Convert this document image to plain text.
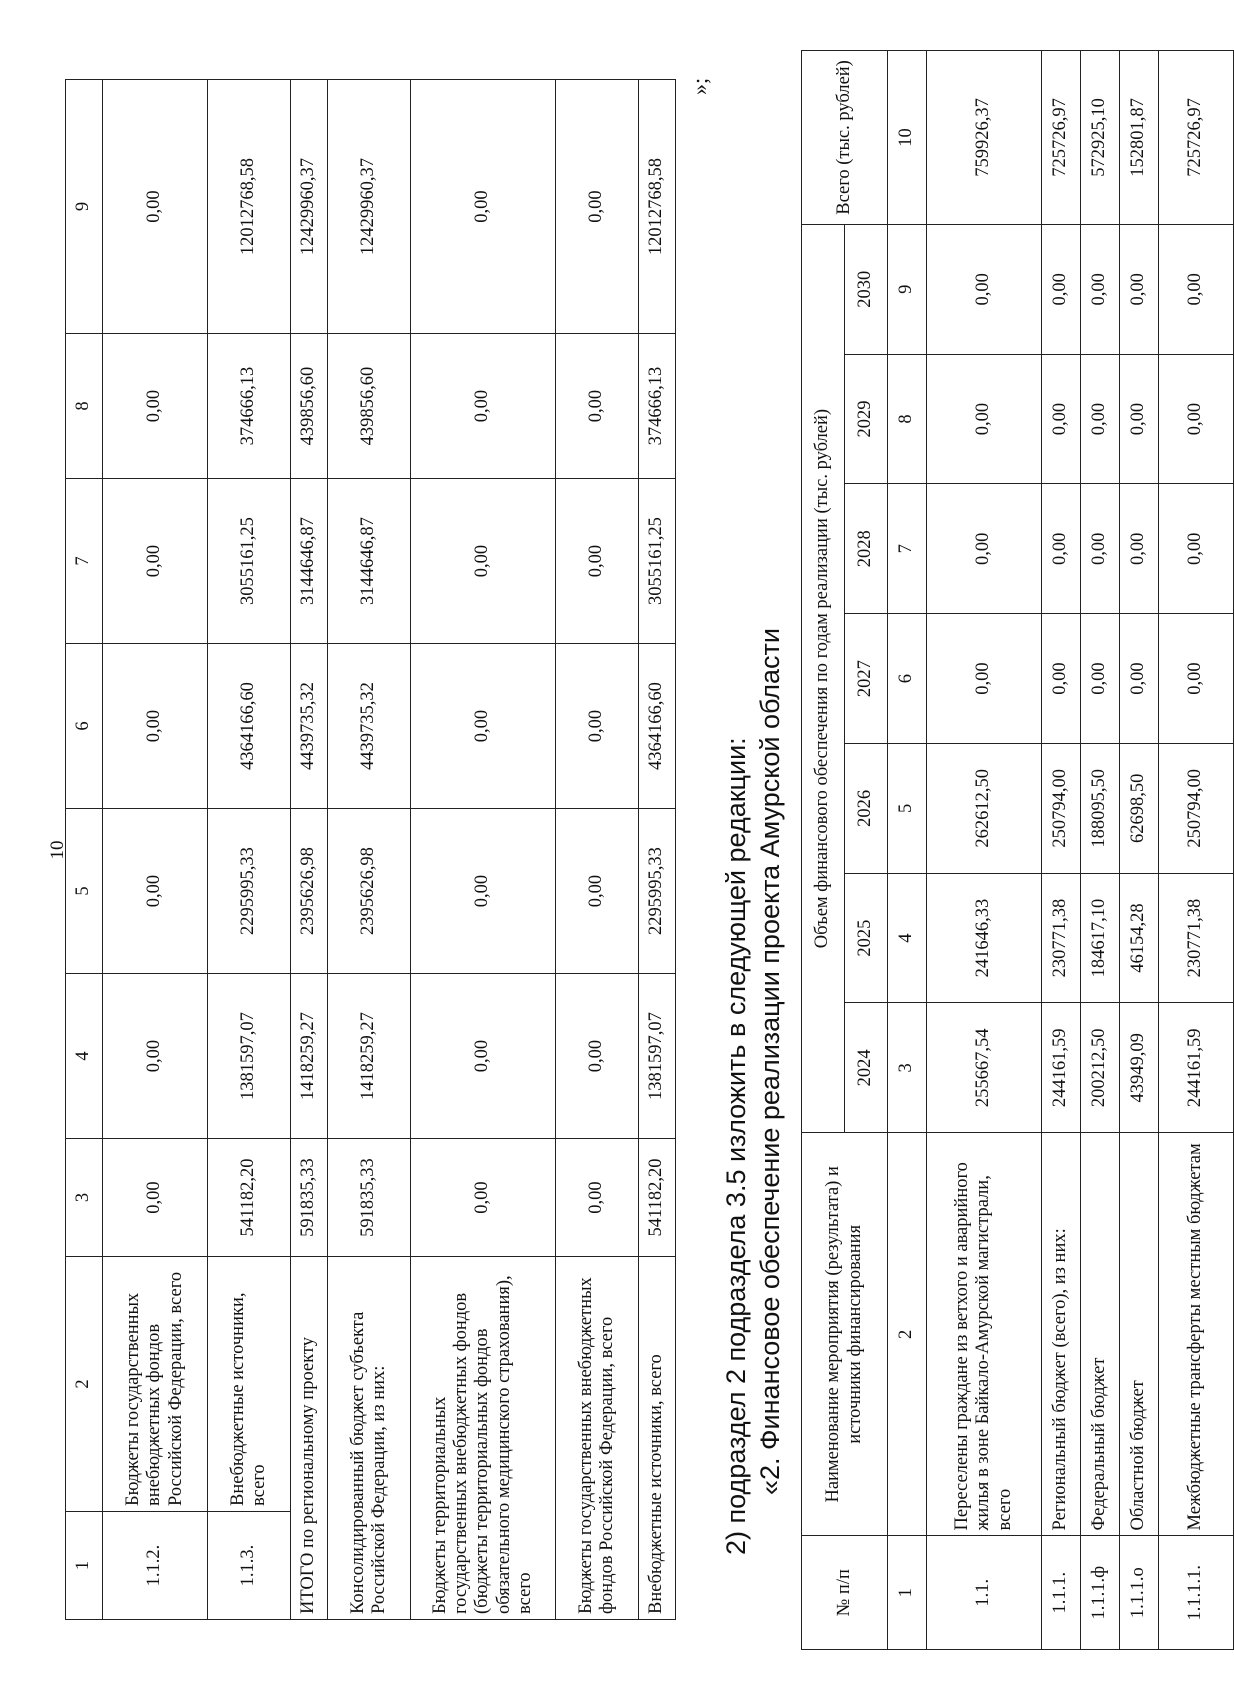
10
1	2	3	4	5	6	7	8	9
1.1.2.	Бюджеты государственных внебюджетных фондов Российской Федерации, всего	0,00	0,00	0,00	0,00	0,00	0,00	0,00
1.1.3.	Внебюджетные источники, всего	541182,20	1381597,07	2295995,33	4364166,60	3055161,25	374666,13	12012768,58
ИТОГО по региональному проекту		591835,33	1418259,27	2395626,98	4439735,32	3144646,87	439856,60	12429960,37
Консолидированный бюджет субъекта Российской Федерации, из них:		591835,33	1418259,27	2395626,98	4439735,32	3144646,87	439856,60	12429960,37
Бюджеты территориальных государственных внебюджетных фондов (бюджеты территориальных фондов обязательного медицинского страхования), всего		0,00	0,00	0,00	0,00	0,00	0,00	0,00
Бюджеты государственных внебюджетных фондов Российской Федерации, всего		0,00	0,00	0,00	0,00	0,00	0,00	0,00
Внебюджетные источники, всего		541182,20	1381597,07	2295995,33	4364166,60	3055161,25	374666,13	12012768,58
»;
2) подраздел 2 подраздела 3.5 изложить в следующей редакции: «2. Финансовое обеспечение реализации проекта Амурской области
№ п/п	Наименование мероприятия (результата) и источники финансирования	Объем финансового обеспечения по годам реализации (тыс. рублей)							Всего (тыс. рублей)
		2024	2025	2026	2027	2028	2029	2030	
1	2	3	4	5	6	7	8	9	10
1.1.	Переселены граждане из ветхого и аварийного жилья в зоне Байкало-Амурской магистрали, всего	255667,54	241646,33	262612,50	0,00	0,00	0,00	0,00	759926,37
1.1.1.	Региональный бюджет (всего), из них:	244161,59	230771,38	250794,00	0,00	0,00	0,00	0,00	725726,97
1.1.1.ф	Федеральный бюджет	200212,50	184617,10	188095,50	0,00	0,00	0,00	0,00	572925,10
1.1.1.о	Областной бюджет	43949,09	46154,28	62698,50	0,00	0,00	0,00	0,00	152801,87
1.1.1.1.	Межбюджетные трансферты местным бюджетам	244161,59	230771,38	250794,00	0,00	0,00	0,00	0,00	725726,97
